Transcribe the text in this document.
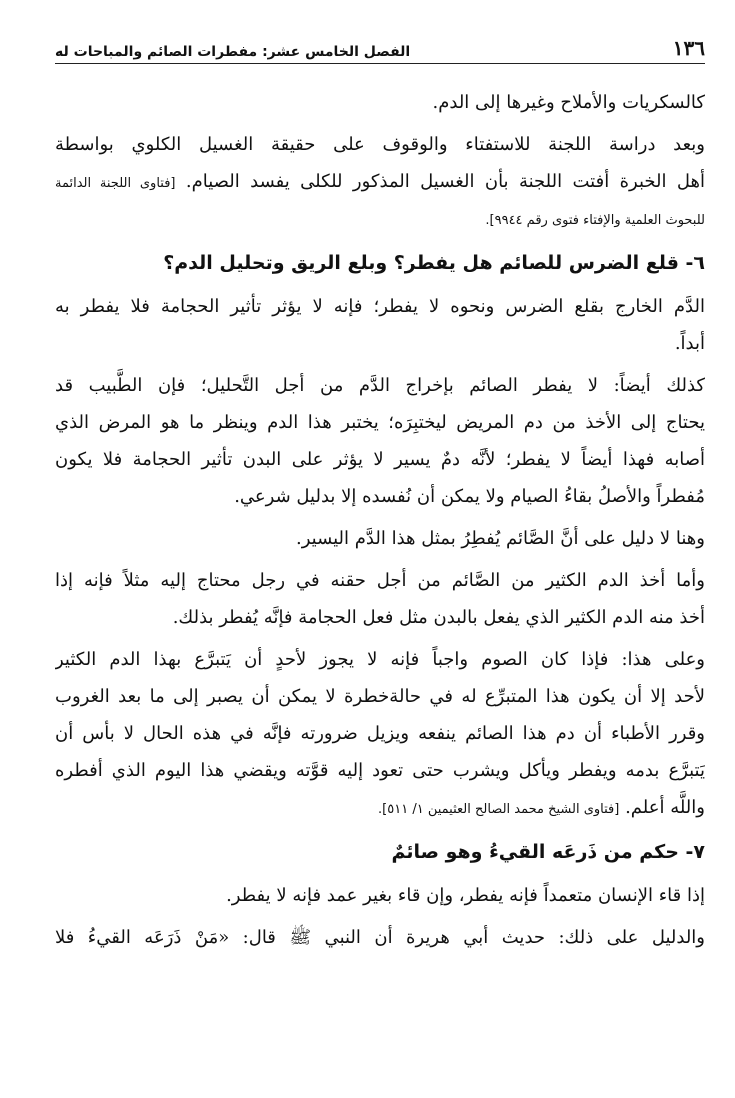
١٣٦
الفصل الخامس عشر: مفطرات الصائم والمباحات له

كالسكريات والأملاح وغيرها إلى الدم.

وبعد دراسة اللجنة للاستفتاء والوقوف على حقيقة الغسيل الكلوي بواسطة
أهل الخبرة أفتت اللجنة بأن الغسيل المذكور للكلى يفسد الصيام. [فتاوى اللجنة الدائمة
للبحوث العلمية والإفتاء فتوى رقم ٩٩٤٤].

٦- قلع الضرس للصائم هل يفطر؟ وبلع الريق وتحليل الدم؟

الدَّم الخارج بقلع الضرس ونحوه لا يفطر؛ فإنه لا يؤثر تأثير الحجامة فلا يفطر به
أبداً.

كذلك أيضاً: لا يفطر الصائم بإخراج الدَّم من أجل التَّحليل؛ فإن الطَّبيب قد
يحتاج إلى الأخذ من دم المريض ليختبِرَه؛ يختبر هذا الدم وينظر ما هو المرض الذي
أصابه فهذا أيضاً لا يفطر؛ لأنَّه دمٌ يسير لا يؤثر على البدن تأثير الحجامة فلا يكون
مُفطراً والأصلُ بقاءُ الصيام ولا يمكن أن نُفسده إلا بدليل شرعي.

وهنا لا دليل على أنَّ الصَّائم يُفطِرُ بمثل هذا الدَّم اليسير.

وأما أخذ الدم الكثير من الصَّائم من أجل حقنه في رجل محتاج إليه مثلاً فإنه إذا
أخذ منه الدم الكثير الذي يفعل بالبدن مثل فعل الحجامة فإنَّه يُفطر بذلك.

وعلى هذا: فإذا كان الصوم واجباً فإنه لا يجوز لأحدٍ أن يَتبرَّع بهذا الدم الكثير
لأحد إلا أن يكون هذا المتبرِّع له في حالةخطرة لا يمكن أن يصبر إلى ما بعد الغروب
وقرر الأطباء أن دم هذا الصائم ينفعه ويزيل ضرورته فإنَّه في هذه الحال لا بأس أن
يَتبرَّع بدمه ويفطر ويأكل ويشرب حتى تعود إليه قوَّته ويقضي هذا اليوم الذي أفطره
واللَّه أعلم. [فتاوى الشيخ محمد الصالح العثيمين ١/ ٥١١].

٧- حكم من ذَرعَه القيءُ وهو صائمٌ

إذا قاء الإنسان متعمداً فإنه يفطر، وإن قاء بغير عمد فإنه لا يفطر.

والدليل على ذلك: حديث أبي هريرة أن النبي ﷺ قال: «مَنْ ذَرَعَه القيءُ فلا
